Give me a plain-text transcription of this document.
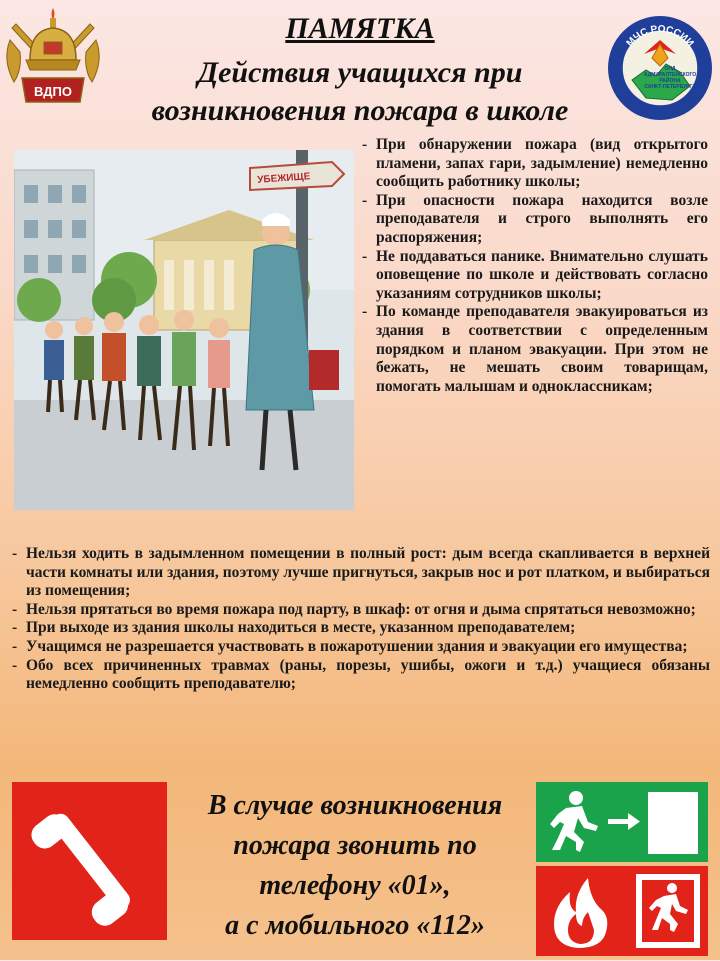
ПАМЯТКА
Действия учащихся при
возникновения пожара в школе
ВДПО
МЧС РОССИИ
ОНД
АДМИРАЛТЕЙСКОГО
РАЙОНА
САНКТ-ПЕТЕРБУРГА
УБЕЖИЩЕ
- При обнаружении пожара (вид открытого пламени, запах гари, задымление) немедленно сообщить работнику школы;
- При опасности пожара находится возле преподавателя и строго выполнять его распоряжения;
- Не поддаваться панике. Внимательно слушать оповещение по школе и действовать согласно указаниям сотрудников школы;
- По команде преподавателя эвакуироваться из здания в соответствии с определенным порядком и планом эвакуации. При этом не бежать, не мешать своим товарищам, помогать малышам и одноклассникам;
- Нельзя ходить в задымленном помещении в полный рост: дым всегда скапливается в верхней части комнаты или здания, поэтому лучше пригнуться, закрыв нос и рот платком, и выбираться из помещения;
- Нельзя прятаться во время пожара под парту, в шкаф: от огня и дыма спрятаться невозможно;
- При выходе из здания школы находиться в месте, указанном преподавателем;
- Учащимся не разрешается участвовать в пожаротушении здания и эвакуации его имущества;
- Обо всех причиненных травмах (раны, порезы, ушибы, ожоги и т.д.) учащиеся обязаны немедленно сообщить преподавателю;
В случае возникновения
пожара звонить по
телефону «01»,
а с мобильного «112»
